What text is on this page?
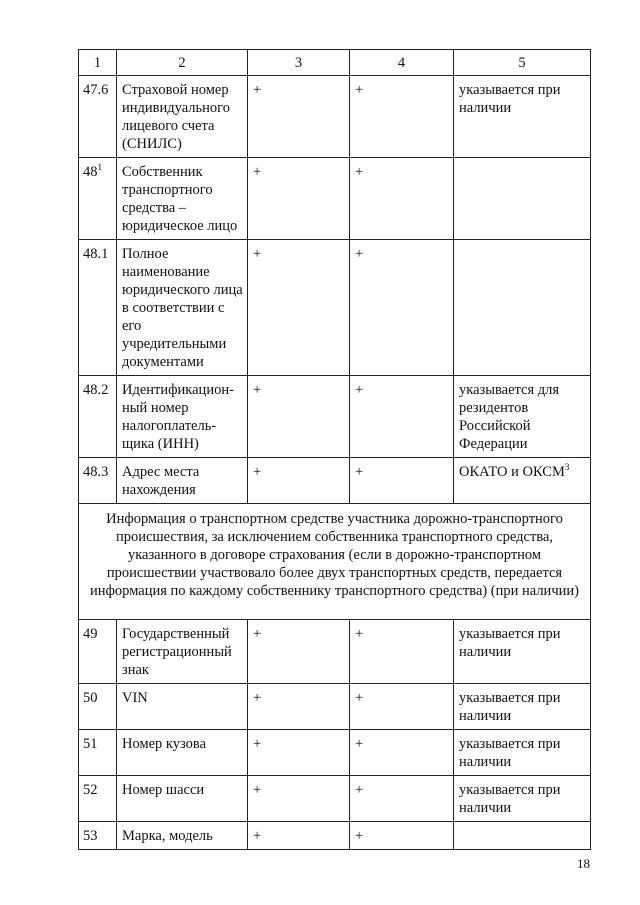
1	2	3	4	5
47.6	Страховой номер индивидуального лицевого счета (СНИЛС)	+	+	указывается при наличии
$48^1$	Собственник транспортного средства – юридическое лицо	+	+	
48.1	Полное наименование юридического лица в соответствии с его учредительными документами	+	+	
48.2	Идентификацион-ный номер налогоплатель-щика (ИНН)	+	+	указывается для резидентов Российской Федерации
48.3	Адрес места нахождения	+	+	ОКАТО и ОКСМ$^3$
Информация о транспортном средстве участника дорожно-транспортного происшествия, за исключением собственника транспортного средства, указанного в договоре страхования (если в дорожно-транспортном происшествии участвовало более двух транспортных средств, передается информация по каждому собственнику транспортного средства) (при наличии)				
49	Государственный регистрационный знак	+	+	указывается при наличии
50	VIN	+	+	указывается при наличии
51	Номер кузова	+	+	указывается при наличии
52	Номер шасси	+	+	указывается при наличии
53	Марка, модель	+	+	
18
